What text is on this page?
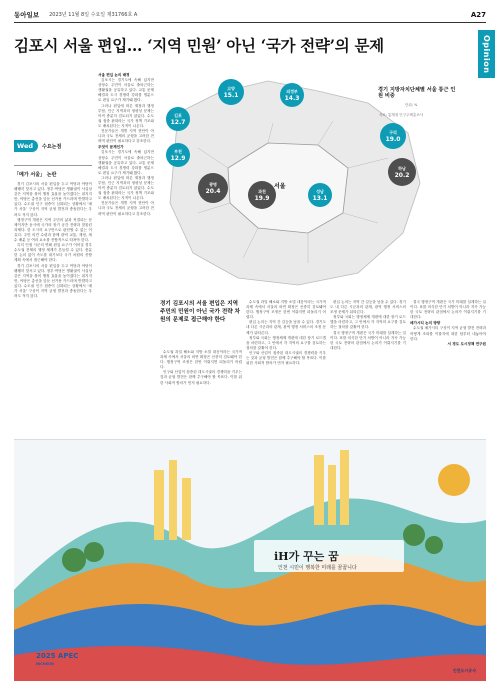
동아일보 2023년 11월 8일 수요일 제31766호 A	A27
김포시 서울 편입… ‘지역 민원’ 아닌 ‘국가 전략’의 문제	Opinion
Wed	수요논점
「메가 서울」 논란

경기 김포시의 서울 편입을 두고 여당과 야당이 팽팽히 맞서고 있다. 정부·여당은 생활권이 사실상 같은 지역을 묶어 행정 효율을 높이겠다는 취지지만, 야당은 총선을 앞둔 선거용 카드라며 반발하고 있다. 수도권 인구 집중이 심화되는 상황에서 ‘메가 서울’ 구상이 지역 균형 발전과 충돌한다는 우려도 적지 않다.

행정구역 개편은 지역 주민의 삶과 직결되는 문제이지만 동시에 국가의 장기 공간 전략과 맞물린 과제다. 한 도시의 요구만으로 판단할 수 없는 이유다. 주민 의견 수렴과 함께 광역 교통, 재정, 세수 배분 등 여러 요소를 종합적으로 따져야 한다.

특히 인접 시군의 연쇄 편입 요구가 이어질 경우 수도권 전체의 행정 체계가 흔들릴 수 있다. 충분한 논의 없이 속도를 내기보다 국가 차원의 종합 계획 속에서 접근해야 한다.

경기 김포시의 서울 편입을 두고 여당과 야당이 팽팽히 맞서고 있다. 정부·여당은 생활권이 사실상 같은 지역을 묶어 행정 효율을 높이겠다는 취지지만, 야당은 총선을 앞둔 선거용 카드라며 반발하고 있다. 수도권 인구 집중이 심화되는 상황에서 ‘메가 서울’ 구상이 지역 균형 발전과 충돌한다는 우려도 적지 않다.

서울 편입 논의 배경

김포시는 경기도에 속해 있지만 상당수 주민이 서울로 출퇴근하는 생활권을 공유하고 있다. 교통 문제 해결과 도시 경쟁력 강화를 명분으로 편입 요구가 제기돼 왔다.

그러나 편입에 따른 재정과 행정 부담, 인근 지역과의 형평성 문제는 아직 충분히 검토되지 않았다. 수도권 집중 완화라는 국가 정책 기조와도 배치된다는 지적이 나온다.

전문가들은 개별 지역 현안이 아니라 국토 전체의 균형을 고려한 전략적 판단이 필요하다고 강조한다.

무엇이 문제인가

김포시는 경기도에 속해 있지만 상당수 주민이 서울로 출퇴근하는 생활권을 공유하고 있다. 교통 문제 해결과 도시 경쟁력 강화를 명분으로 편입 요구가 제기돼 왔다.

그러나 편입에 따른 재정과 행정 부담, 인근 지역과의 형평성 문제는 아직 충분히 검토되지 않았다. 수도권 집중 완화라는 국가 정책 기조와도 배치된다는 지적이 나온다.

전문가들은 개별 지역 현안이 아니라 국토 전체의 균형을 고려한 전략적 판단이 필요하다고 강조한다.

경기 지방자치단체별 서울 통근 인원 비중
단위: %
자료: 통계청 인구주택총조사
서울
고양
15.1
의정부
14.3
김포
12.7
구리
19.0
하남
20.2
부천
12.9
광명
20.4	과천
19.9
성남
13.1
경기 김포시의 서울 편입은 지역 주민의 민원이 아닌 국가 전략 차원의 문제로 접근해야 한다

수도권 과밀 해소와 지방 소멸 대응이라는 국가적 과제 속에서 서울의 외연 확장은 신중히 검토돼야 한다. 행정구역 조정은 한번 이뤄지면 되돌리기 어렵다.

인구와 산업이 집중된 대도시권의 경쟁력을 키우는 것과 균형 발전은 함께 추구해야 할 목표다. 이를 위한 사회적 합의가 먼저 필요하다.

수도권 과밀 해소와 지방 소멸 대응이라는 국가적 과제 속에서 서울의 외연 확장은 신중히 검토돼야 한다. 행정구역 조정은 한번 이뤄지면 되돌리기 어렵다.

편입 논의는 지역 간 갈등을 낳을 수 있다. 경기도 내 다른 시군과의 관계, 광역 행정 서비스의 조정 문제가 뒤따른다.

정부와 국회는 행정체제 개편에 대한 장기 로드맵을 마련하고, 그 안에서 각 지역의 요구를 검토하는 절차를 갖춰야 한다.

인구와 산업이 집중된 대도시권의 경쟁력을 키우는 것과 균형 발전은 함께 추구해야 할 목표다. 이를 위한 사회적 합의가 먼저 필요하다.

편입 논의는 지역 간 갈등을 낳을 수 있다. 경기도 내 다른 시군과의 관계, 광역 행정 서비스의 조정 문제가 뒤따른다.

정부와 국회는 행정체제 개편에 대한 장기 로드맵을 마련하고, 그 안에서 각 지역의 요구를 검토하는 절차를 갖춰야 한다.

결국 행정구역 개편은 국가 미래를 설계하는 일이다. 표를 의식한 단기 처방이 아니라 지속 가능한 국토 전략의 관점에서 논의가 이뤄지기를 기대한다.

결국 행정구역 개편은 국가 미래를 설계하는 일이다. 표를 의식한 단기 처방이 아니라 지속 가능한 국토 전략의 관점에서 논의가 이뤄지기를 기대한다.

메가시티 논의 방향

수도권 메가시티 구상이 지역 균형 발전 전략과 어떻게 조화를 이룰지에 대한 답부터 내놓아야 한다.

서 경도 도시정책 연구원

iH가 꾸는 꿈
인천 시민이 행복한 미래를 꿈꿉니다
2025 APEC
INCHEON
인천도시공사
